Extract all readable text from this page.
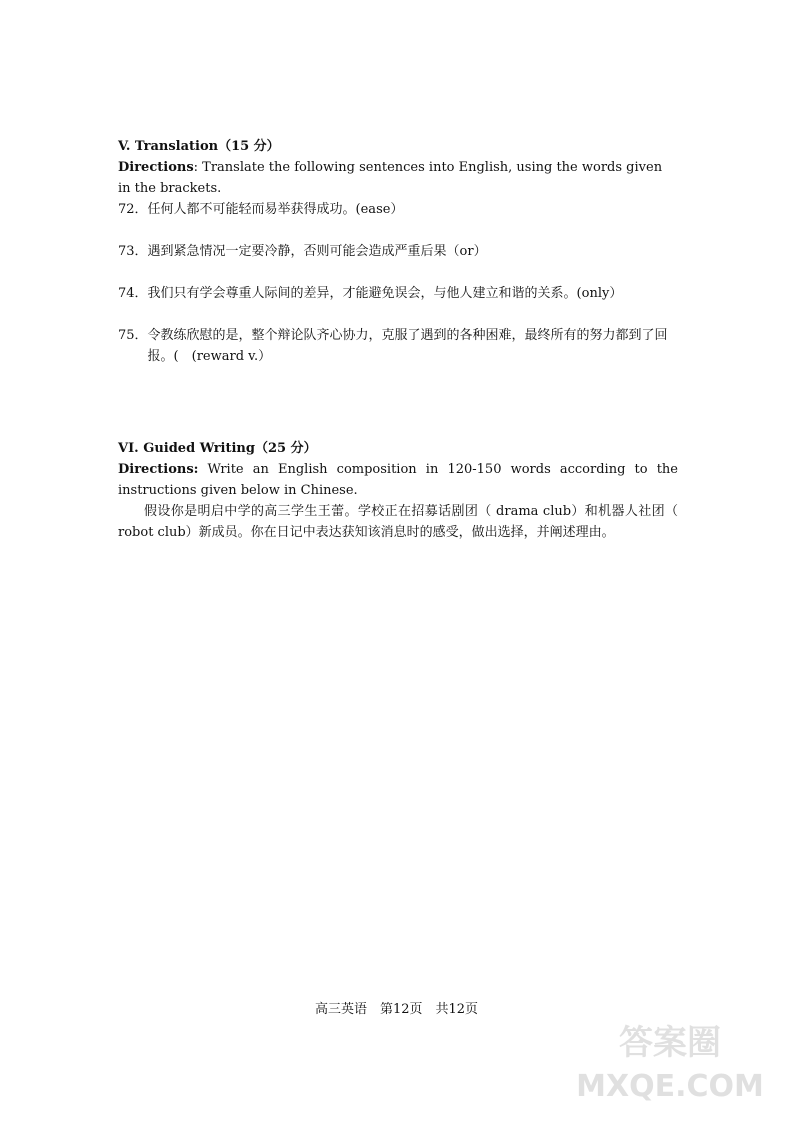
V. Translation（15 分）

Directions: Translate the following sentences into English, using the words given in the brackets.

72． 任何人都不可能轻而易举获得成功。(ease）
73． 遇到紧急情况一定要冷静，否则可能会造成严重后果（or）
74． 我们只有学会尊重人际间的差异，才能避免误会，与他人建立和谐的关系。(only）
75． 令教练欣慰的是，整个辩论队齐心协力，克服了遇到的各种困难，最终所有的努力都到了回报。(　(reward v.）

VI. Guided Writing（25 分）

Directions: Write an English composition in 120-150 words according to the instructions given below in Chinese.

假设你是明启中学的高三学生王蕾。学校正在招募话剧团（ drama club）和机器人社团（ robot club）新成员。你在日记中表达获知该消息时的感受，做出选择，并阐述理由。

高三英语　第12页　共12页
答案圈
MXQE.COM
